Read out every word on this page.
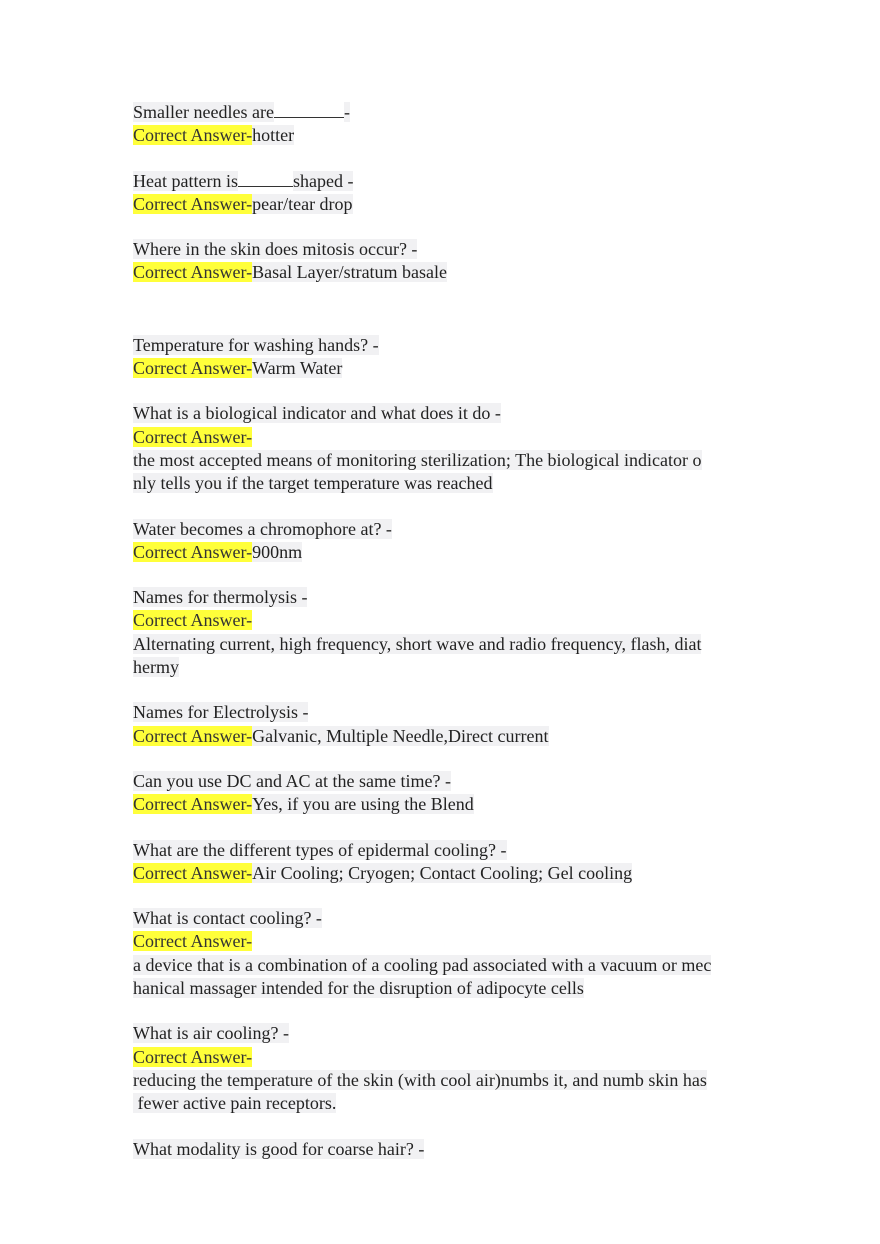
Smaller needles are	-
Correct Answer-hotter
Heat pattern is	shaped -
Correct Answer-pear/tear drop
Where in the skin does mitosis occur? -
Correct Answer-Basal Layer/stratum basale
Temperature for washing hands? -
Correct Answer-Warm Water
What is a biological indicator and what does it do -
Correct Answer-
the most accepted means of monitoring sterilization; The biological indicator o
nly tells you if the target temperature was reached
Water becomes a chromophore at? -
Correct Answer-900nm
Names for thermolysis -
Correct Answer-
Alternating current, high frequency, short wave and radio frequency, flash, diat
hermy
Names for Electrolysis -
Correct Answer-Galvanic, Multiple Needle,Direct current
Can you use DC and AC at the same time? -
Correct Answer-Yes, if you are using the Blend
What are the different types of epidermal cooling? -
Correct Answer-Air Cooling; Cryogen; Contact Cooling; Gel cooling
What is contact cooling? -
Correct Answer-
a device that is a combination of a cooling pad associated with a vacuum or mec
hanical massager intended for the disruption of adipocyte cells
What is air cooling? -
Correct Answer-
reducing the temperature of the skin (with cool air)numbs it, and numb skin has
fewer active pain receptors.
What modality is good for coarse hair? -
